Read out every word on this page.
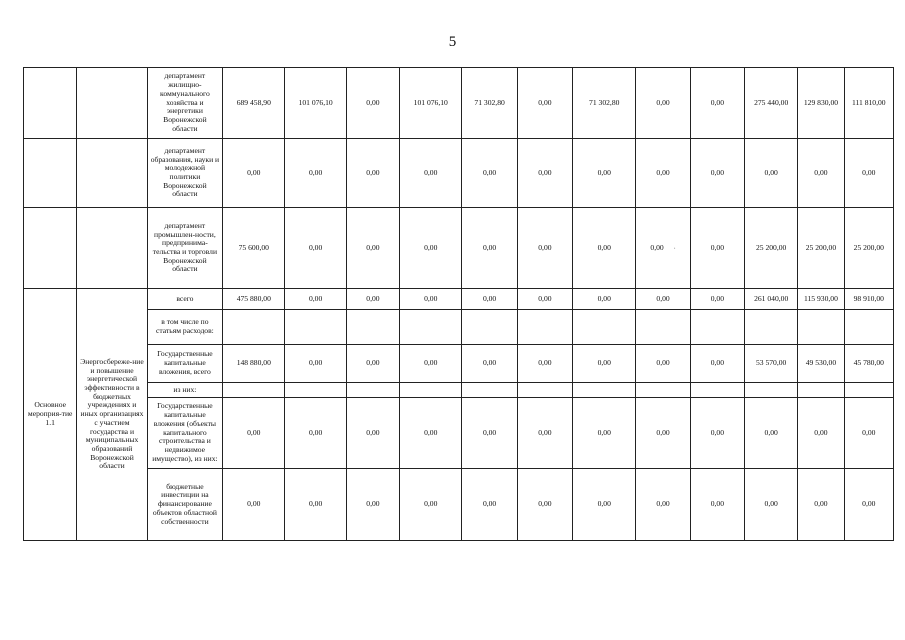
5
		департамент жилищно-коммунального хозяйства и энергетики Воронежской области	689 458,90	101 076,10	0,00	101 076,10	71 302,80	0,00	71 302,80	0,00	0,00	275 440,00	129 830,00	111 810,00
		департамент образования, науки и молодежной политики Воронежской области	0,00	0,00	0,00	0,00	0,00	0,00	0,00	0,00	0,00	0,00	0,00	0,00
		департамент промышлен-ности, предпринима-тельства и торговли Воронежской области	75 600,00	0,00	0,00	0,00	0,00	0,00	0,00	0,00 ·	0,00	25 200,00	25 200,00	25 200,00
Основное мероприя-тие 1.1	Энергосбереже-ние и повышение энергетической эффективности в бюджетных учреждениях и иных организациях с участием государства и муниципальных образований Воронежской области	всего	475 880,00	0,00	0,00	0,00	0,00	0,00	0,00	0,00	0,00	261 040,00	115 930,00	98 910,00
		в том числе по статьям расходов:												
		Государственные капитальные вложения, всего	148 880,00	0,00	0,00	0,00	0,00	0,00	0,00	0,00	0,00	53 570,00	49 530,00	45 780,00
		из них:												
		Государственные капитальные вложения (объекты капитального строительства и недвижимое имущество), из них:	0,00	0,00	0,00	0,00	0,00	0,00	0,00	0,00	0,00	0,00	0,00	0,00
		бюджетные инвестиции на финансирование объектов областной собственности	0,00	0,00	0,00	0,00	0,00	0,00	0,00	0,00	0,00	0,00	0,00	0,00
